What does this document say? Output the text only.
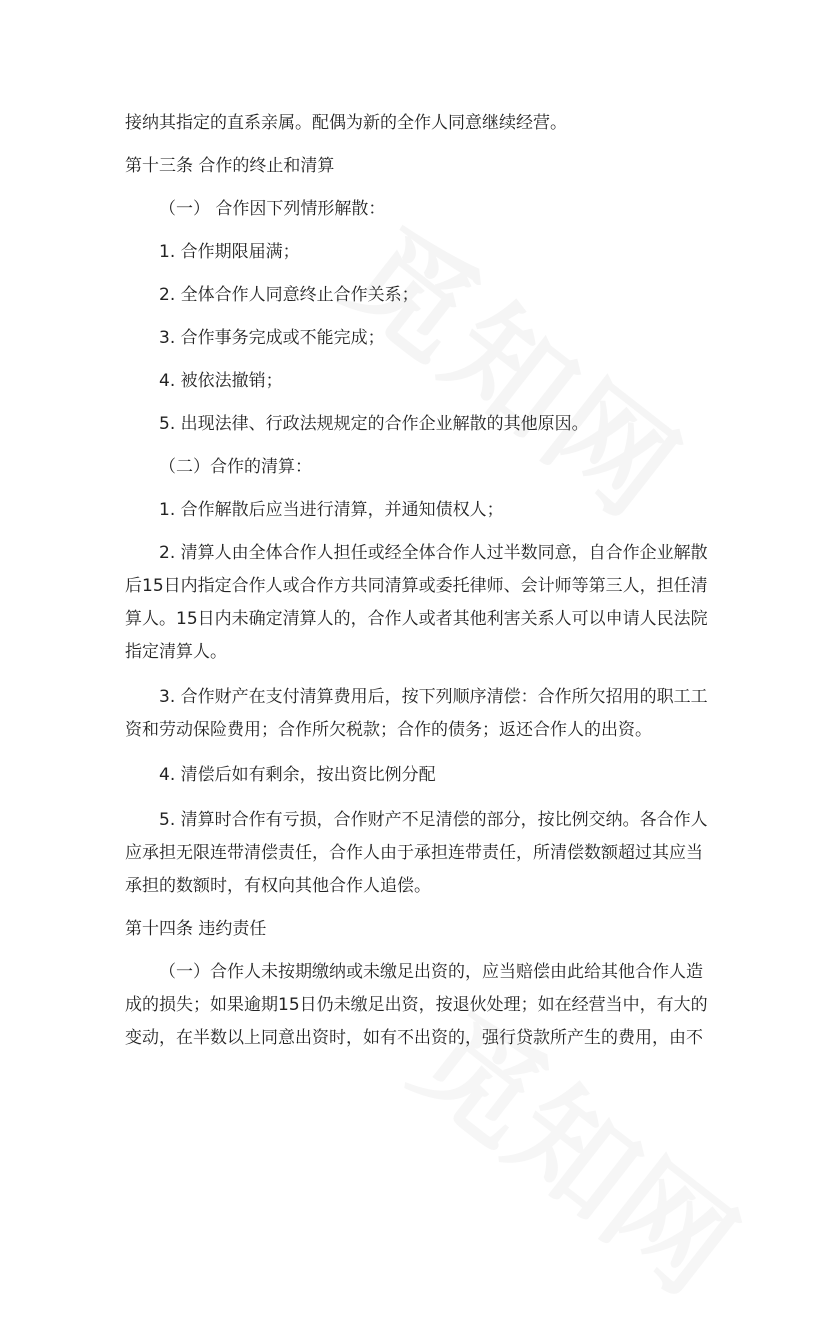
接纳其指定的直系亲属。配偶为新的全作人同意继续经营。

第十三条 合作的终止和清算

（一） 合作因下列情形解散：

1. 合作期限届满；

2. 全体合作人同意终止合作关系；

3. 合作事务完成或不能完成；

4. 被依法撤销；

5. 出现法律、行政法规规定的合作企业解散的其他原因。

（二）合作的清算：

1. 合作解散后应当进行清算，并通知债权人；

2. 清算人由全体合作人担任或经全体合作人过半数同意，自合作企业解散后15日内指定合作人或合作方共同清算或委托律师、会计师等第三人，担任清算人。15日内未确定清算人的，合作人或者其他利害关系人可以申请人民法院指定清算人。

3. 合作财产在支付清算费用后，按下列顺序清偿：合作所欠招用的职工工资和劳动保险费用；合作所欠税款；合作的债务；返还合作人的出资。

4. 清偿后如有剩余，按出资比例分配

5. 清算时合作有亏损，合作财产不足清偿的部分，按比例交纳。各合作人应承担无限连带清偿责任，合作人由于承担连带责任，所清偿数额超过其应当承担的数额时，有权向其他合作人追偿。

第十四条 违约责任

（一）合作人未按期缴纳或未缴足出资的，应当赔偿由此给其他合作人造成的损失；如果逾期15日仍未缴足出资，按退伙处理；如在经营当中，有大的变动，在半数以上同意出资时，如有不出资的，强行贷款所产生的费用，由不
